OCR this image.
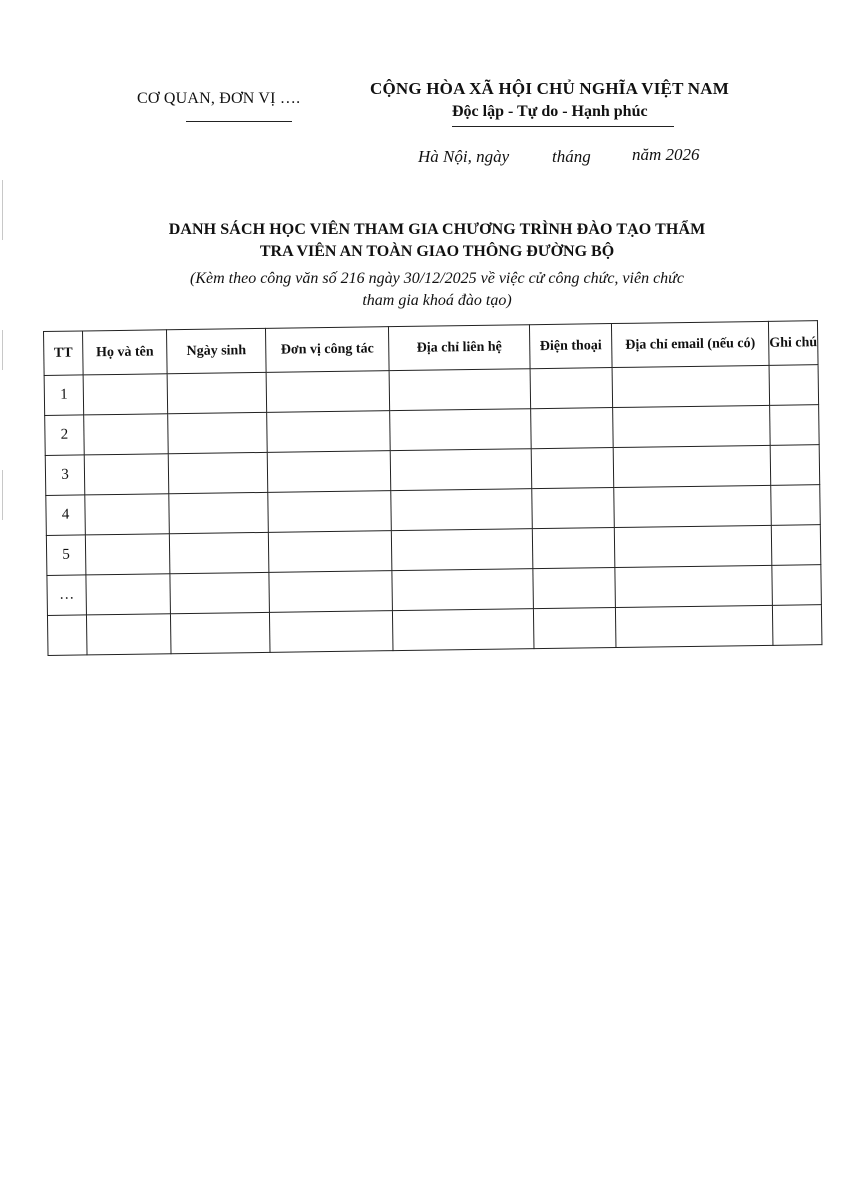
CƠ QUAN, ĐƠN VỊ ….
CỘNG HÒA XÃ HỘI CHỦ NGHĨA VIỆT NAM
Độc lập - Tự do - Hạnh phúc
Hà Nội, ngày	tháng năm 2026
DANH SÁCH HỌC VIÊN THAM GIA CHƯƠNG TRÌNH ĐÀO TẠO THẨM
TRA VIÊN AN TOÀN GIAO THÔNG ĐƯỜNG BỘ
(Kèm theo công văn số 216 ngày 30/12/2025 về việc cử công chức, viên chức
tham gia khoá đào tạo)
TT	Họ và tên	Ngày sinh	Đơn vị công tác	Địa chỉ liên hệ	Điện thoại	Địa chỉ email (nếu có)	Ghi chú
1							
2							
3							
4							
5							
…							
